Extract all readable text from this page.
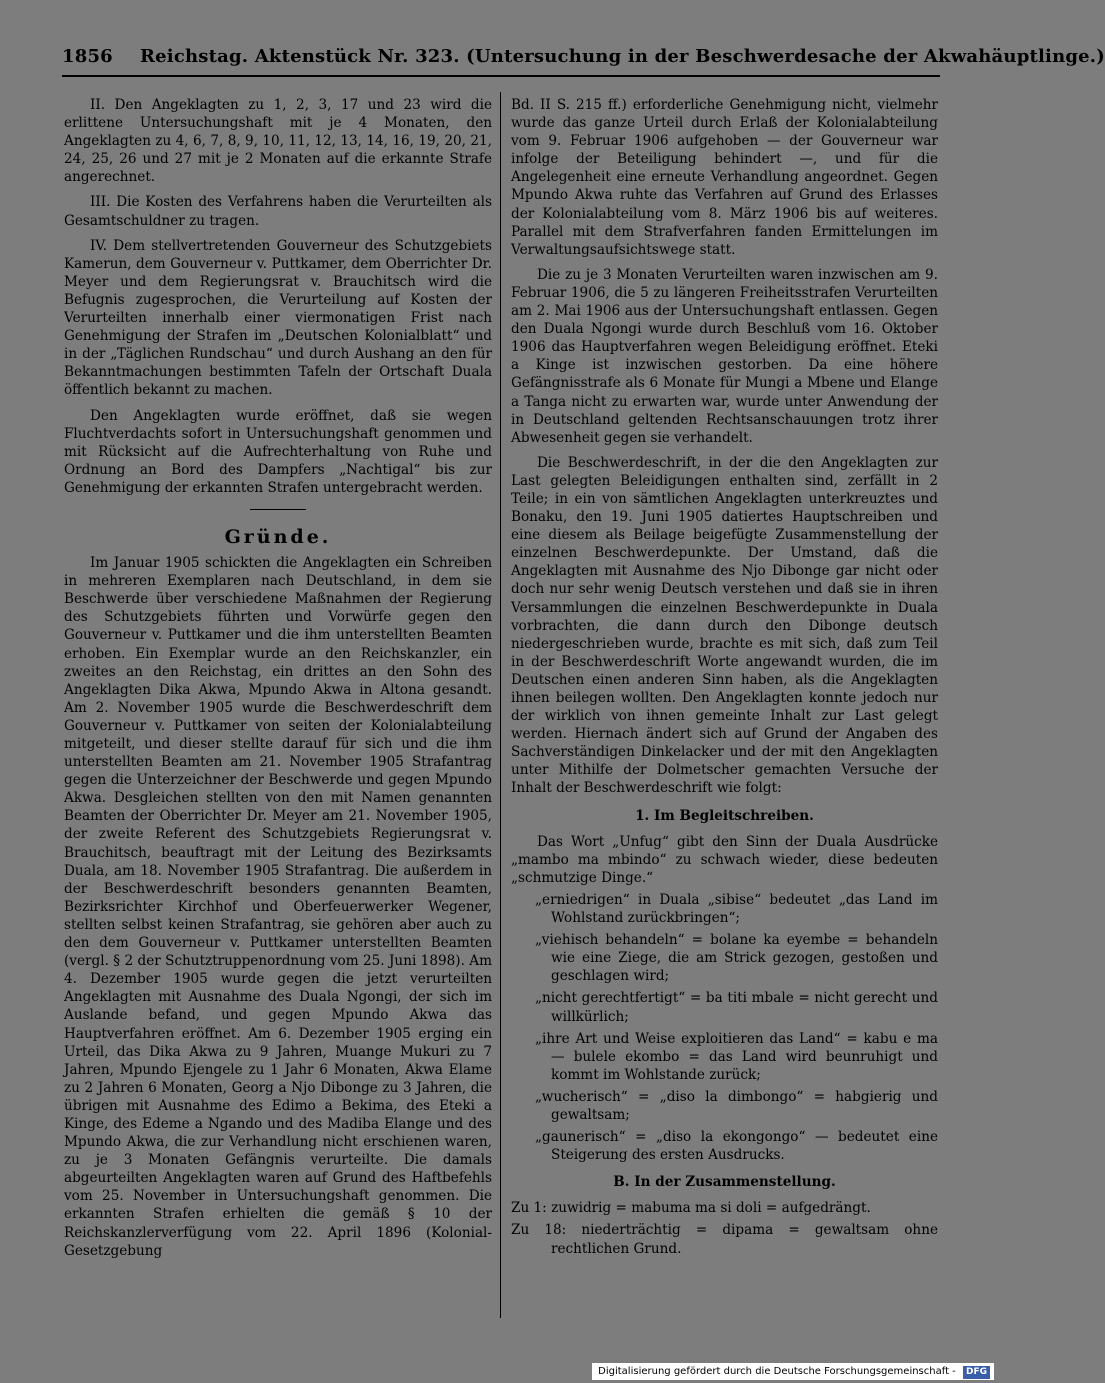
1856 Reichstag. Aktenstück Nr. 323. (Untersuchung in der Beschwerdesache der Akwahäuptlinge.)

II. Den Angeklagten zu 1, 2, 3, 17 und 23 wird die erlittene Untersuchungshaft mit je 4 Monaten, den Angeklagten zu 4, 6, 7, 8, 9, 10, 11, 12, 13, 14, 16, 19, 20, 21, 24, 25, 26 und 27 mit je 2 Monaten auf die erkannte Strafe angerechnet.

III. Die Kosten des Verfahrens haben die Verurteilten als Gesamtschuldner zu tragen.

IV. Dem stellvertretenden Gouverneur des Schutzgebiets Kamerun, dem Gouverneur v. Puttkamer, dem Oberrichter Dr. Meyer und dem Regierungsrat v. Brauchitsch wird die Befugnis zugesprochen, die Verurteilung auf Kosten der Verurteilten innerhalb einer viermonatigen Frist nach Genehmigung der Strafen im „Deutschen Kolonialblatt“ und in der „Täglichen Rundschau“ und durch Aushang an den für Bekanntmachungen bestimmten Tafeln der Ortschaft Duala öffentlich bekannt zu machen.

Den Angeklagten wurde eröffnet, daß sie wegen Fluchtverdachts sofort in Untersuchungshaft genommen und mit Rücksicht auf die Aufrechterhaltung von Ruhe und Ordnung an Bord des Dampfers „Nachtigal“ bis zur Genehmigung der erkannten Strafen untergebracht werden.

Gründe.

Im Januar 1905 schickten die Angeklagten ein Schreiben in mehreren Exemplaren nach Deutschland, in dem sie Beschwerde über verschiedene Maßnahmen der Regierung des Schutzgebiets führten und Vorwürfe gegen den Gouverneur v. Puttkamer und die ihm unterstellten Beamten erhoben. Ein Exemplar wurde an den Reichskanzler, ein zweites an den Reichstag, ein drittes an den Sohn des Angeklagten Dika Akwa, Mpundo Akwa in Altona gesandt. Am 2. November 1905 wurde die Beschwerdeschrift dem Gouverneur v. Puttkamer von seiten der Kolonialabteilung mitgeteilt, und dieser stellte darauf für sich und die ihm unterstellten Beamten am 21. November 1905 Strafantrag gegen die Unterzeichner der Beschwerde und gegen Mpundo Akwa. Desgleichen stellten von den mit Namen genannten Beamten der Oberrichter Dr. Meyer am 21. November 1905, der zweite Referent des Schutzgebiets Regierungsrat v. Brauchitsch, beauftragt mit der Leitung des Bezirksamts Duala, am 18. November 1905 Strafantrag. Die außerdem in der Beschwerdeschrift besonders genannten Beamten, Bezirksrichter Kirchhof und Oberfeuerwerker Wegener, stellten selbst keinen Strafantrag, sie gehören aber auch zu den dem Gouverneur v. Puttkamer unterstellten Beamten (vergl. § 2 der Schutztruppenordnung vom 25. Juni 1898). Am 4. Dezember 1905 wurde gegen die jetzt verurteilten Angeklagten mit Ausnahme des Duala Ngongi, der sich im Auslande befand, und gegen Mpundo Akwa das Hauptverfahren eröffnet. Am 6. Dezember 1905 erging ein Urteil, das Dika Akwa zu 9 Jahren, Muange Mukuri zu 7 Jahren, Mpundo Ejengele zu 1 Jahr 6 Monaten, Akwa Elame zu 2 Jahren 6 Monaten, Georg a Njo Dibonge zu 3 Jahren, die übrigen mit Ausnahme des Edimo a Bekima, des Eteki a Kinge, des Edeme a Ngando und des Madiba Elange und des Mpundo Akwa, die zur Verhandlung nicht erschienen waren, zu je 3 Monaten Gefängnis verurteilte. Die damals abgeurteilten Angeklagten waren auf Grund des Haftbefehls vom 25. November in Untersuchungshaft genommen. Die erkannten Strafen erhielten die gemäß § 10 der Reichskanzlerverfügung vom 22. April 1896 (Kolonial-Gesetzgebung

Bd. II S. 215 ff.) erforderliche Genehmigung nicht, vielmehr wurde das ganze Urteil durch Erlaß der Kolonialabteilung vom 9. Februar 1906 aufgehoben — der Gouverneur war infolge der Beteiligung behindert —, und für die Angelegenheit eine erneute Verhandlung angeordnet. Gegen Mpundo Akwa ruhte das Verfahren auf Grund des Erlasses der Kolonialabteilung vom 8. März 1906 bis auf weiteres. Parallel mit dem Strafverfahren fanden Ermittelungen im Verwaltungsaufsichtswege statt.

Die zu je 3 Monaten Verurteilten waren inzwischen am 9. Februar 1906, die 5 zu längeren Freiheitsstrafen Verurteilten am 2. Mai 1906 aus der Untersuchungshaft entlassen. Gegen den Duala Ngongi wurde durch Beschluß vom 16. Oktober 1906 das Hauptverfahren wegen Beleidigung eröffnet. Eteki a Kinge ist inzwischen gestorben. Da eine höhere Gefängnisstrafe als 6 Monate für Mungi a Mbene und Elange a Tanga nicht zu erwarten war, wurde unter Anwendung der in Deutschland geltenden Rechtsanschauungen trotz ihrer Abwesenheit gegen sie verhandelt.

Die Beschwerdeschrift, in der die den Angeklagten zur Last gelegten Beleidigungen enthalten sind, zerfällt in 2 Teile; in ein von sämtlichen Angeklagten unterkreuztes und Bonaku, den 19. Juni 1905 datiertes Hauptschreiben und eine diesem als Beilage beigefügte Zusammenstellung der einzelnen Beschwerdepunkte. Der Umstand, daß die Angeklagten mit Ausnahme des Njo Dibonge gar nicht oder doch nur sehr wenig Deutsch verstehen und daß sie in ihren Versammlungen die einzelnen Beschwerdepunkte in Duala vorbrachten, die dann durch den Dibonge deutsch niedergeschrieben wurde, brachte es mit sich, daß zum Teil in der Beschwerdeschrift Worte angewandt wurden, die im Deutschen einen anderen Sinn haben, als die Angeklagten ihnen beilegen wollten. Den Angeklagten konnte jedoch nur der wirklich von ihnen gemeinte Inhalt zur Last gelegt werden. Hiernach ändert sich auf Grund der Angaben des Sachverständigen Dinkelacker und der mit den Angeklagten unter Mithilfe der Dolmetscher gemachten Versuche der Inhalt der Beschwerdeschrift wie folgt:

1. Im Begleitschreiben.

Das Wort „Unfug“ gibt den Sinn der Duala Ausdrücke „mambo ma mbindo“ zu schwach wieder, diese bedeuten „schmutzige Dinge.“

„erniedrigen“ in Duala „sibise“ bedeutet „das Land im Wohlstand zurückbringen“;

„viehisch behandeln“ = bolane ka eyembe = behandeln wie eine Ziege, die am Strick gezogen, gestoßen und geschlagen wird;

„nicht gerechtfertigt“ = ba titi mbale = nicht gerecht und willkürlich;

„ihre Art und Weise exploitieren das Land“ = kabu e ma — bulele ekombo = das Land wird beunruhigt und kommt im Wohlstande zurück;

„wucherisch“ = „diso la dimbongo“ = habgierig und gewaltsam;

„gaunerisch“ = „diso la ekongongo“ — bedeutet eine Steigerung des ersten Ausdrucks.

B. In der Zusammenstellung.

Zu 1: zuwidrig = mabuma ma si doli = aufgedrängt.

Zu 18: niederträchtig = dipama = gewaltsam ohne rechtlichen Grund.

Digitalisierung gefördert durch die Deutsche Forschungsgemeinschaft - DFG
